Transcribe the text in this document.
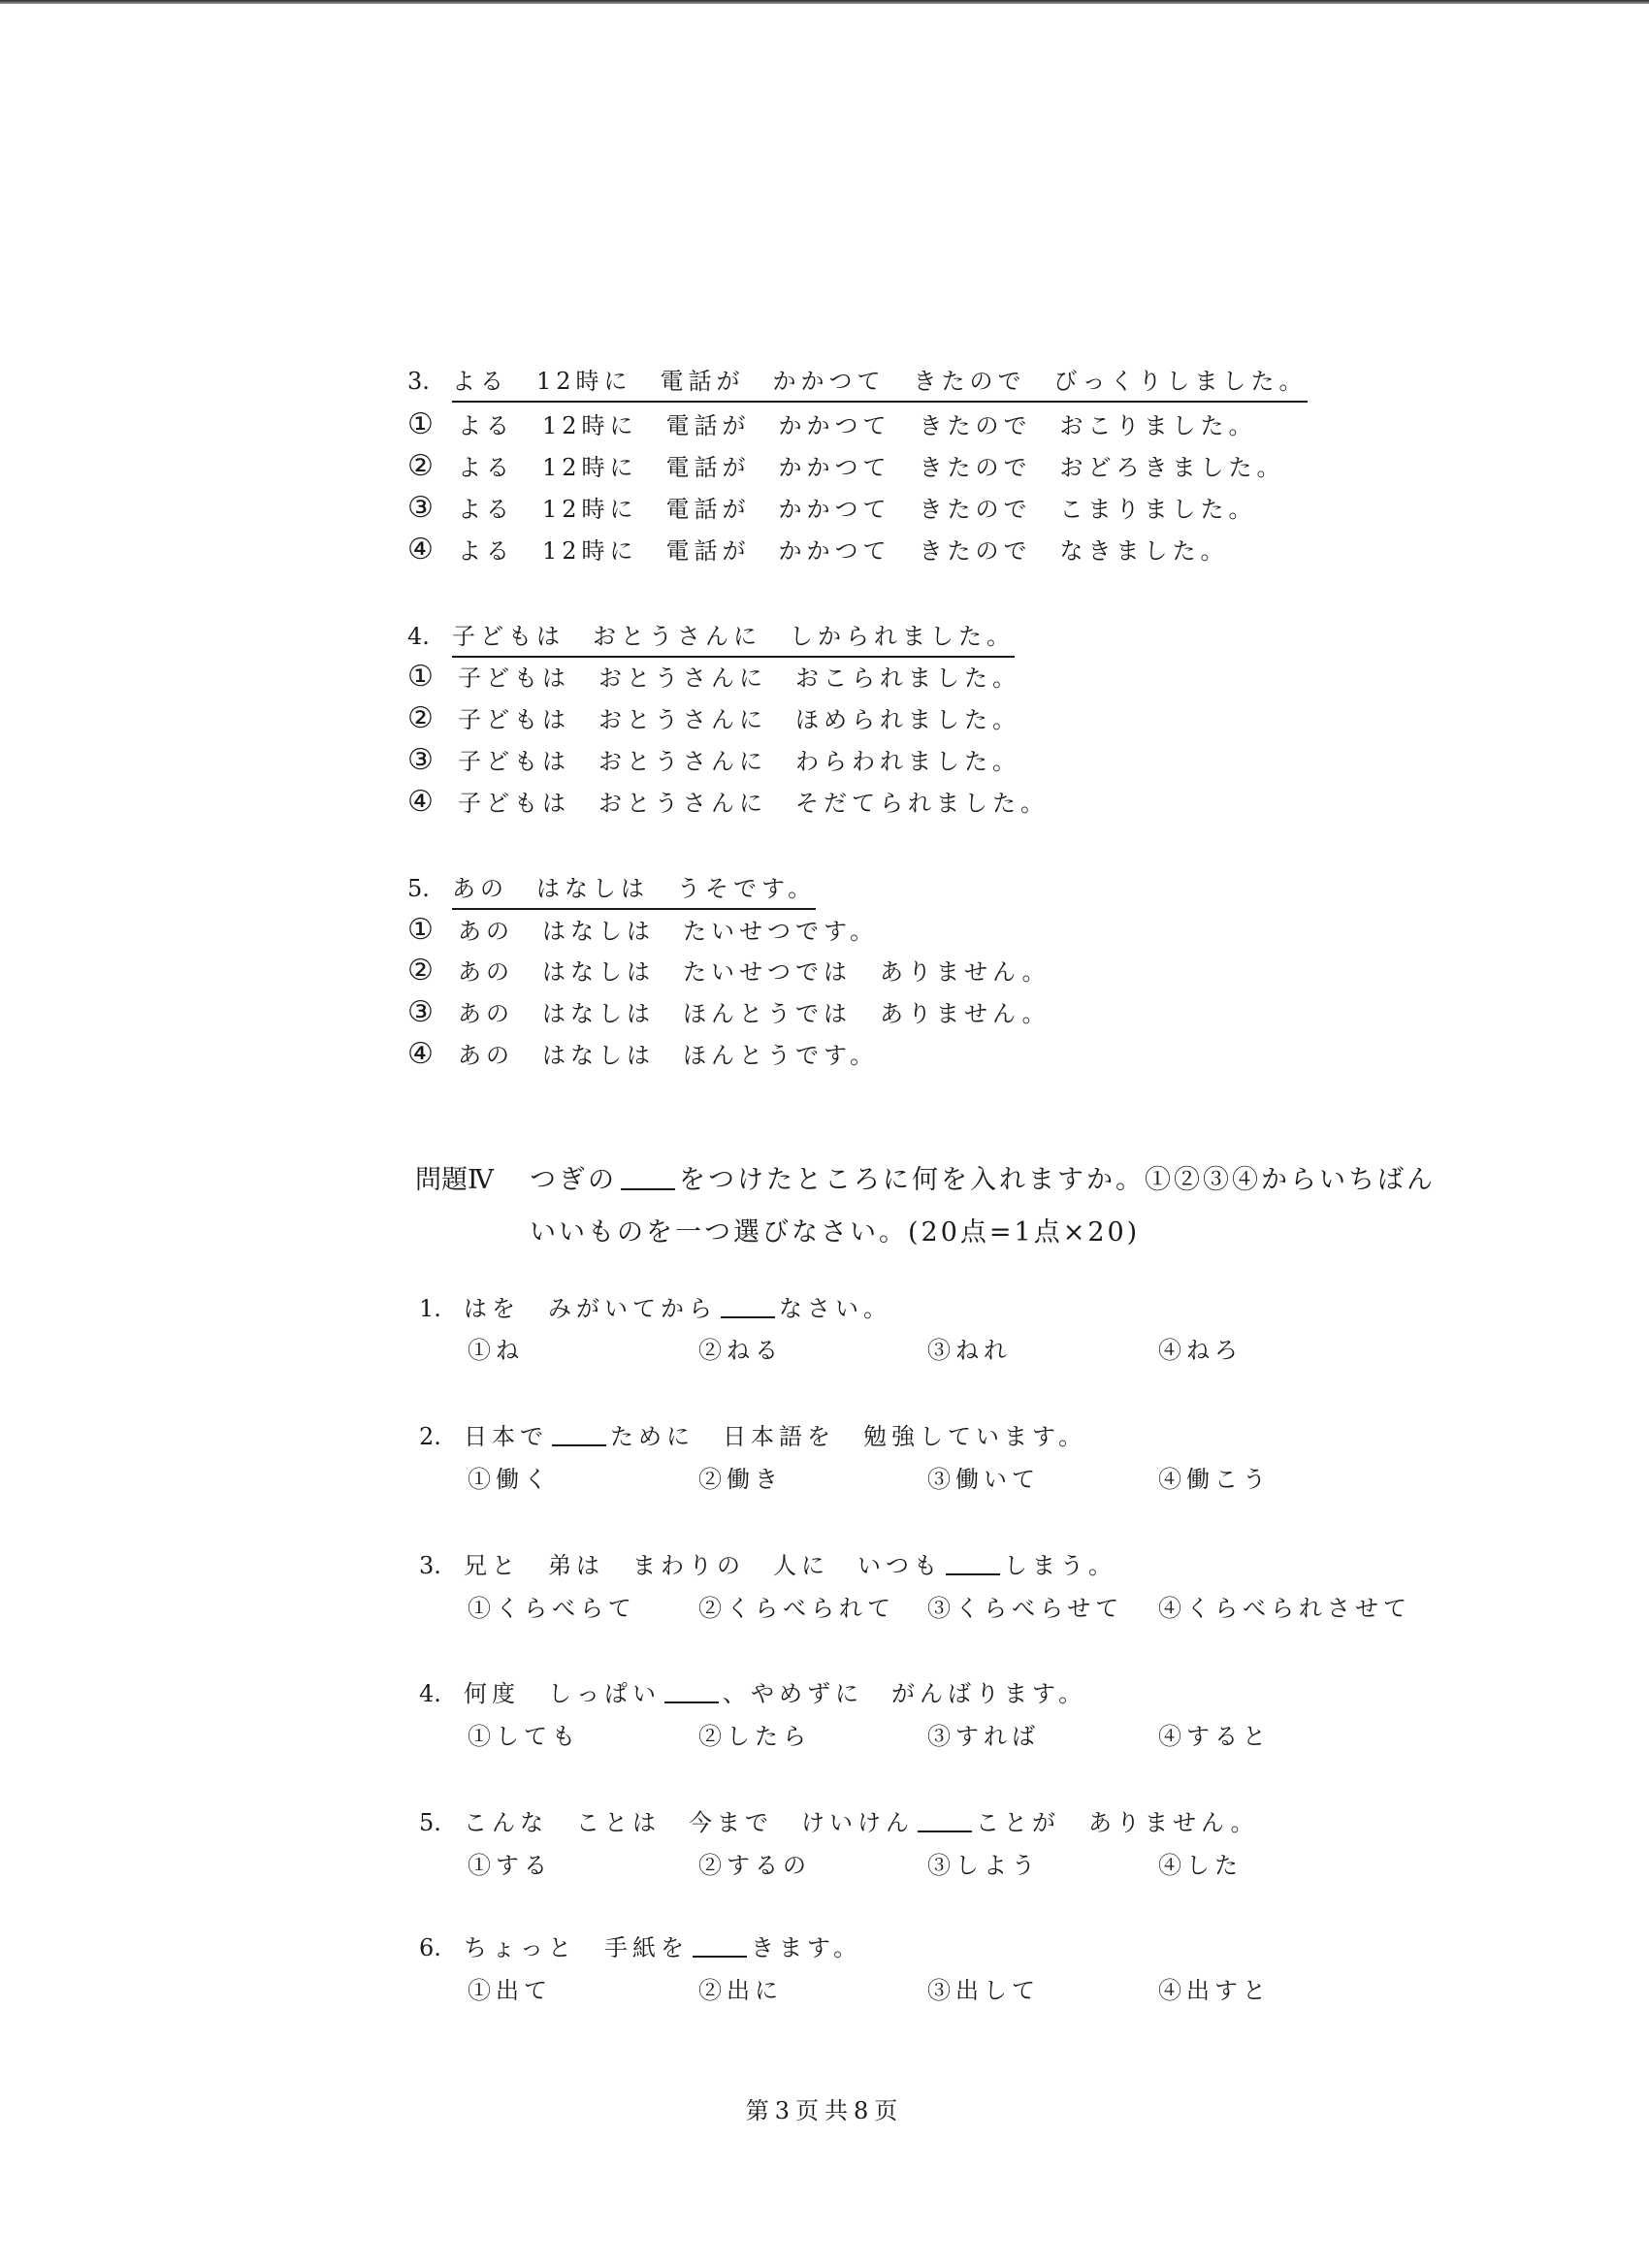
3. よる　12時に　電話が　かかつて　きたので　びっくりしました。
① よる　12時に　電話が　かかつて　きたので　おこりました。
② よる　12時に　電話が　かかつて　きたので　おどろきました。
③ よる　12時に　電話が　かかつて　きたので　こまりました。
④ よる　12時に　電話が　かかつて　きたので　なきました。
4. 子どもは　おとうさんに　しかられました。
① 子どもは　おとうさんに　おこられました。
② 子どもは　おとうさんに　ほめられました。
③ 子どもは　おとうさんに　わらわれました。
④ 子どもは　おとうさんに　そだてられました。
5. あの　はなしは　うそです。
① あの　はなしは　たいせつです。
② あの　はなしは　たいせつでは　ありません。
③ あの　はなしは　ほんとうでは　ありません。
④ あの　はなしは　ほんとうです。
問題Ⅳ つぎの をつけたところに何を入れますか。①②③④からいちばん
いいものを一つ選びなさい。(20点=1点×20)
1. はを　みがいてから	なさい。
①ね	②ねる	③ねれ	④ねろ
2. 日本で	ために　日本語を　勉強しています。
①働く	②働き	③働いて	④働こう
3. 兄と　弟は　まわりの　人に　いつも	しまう。
①くらべらて	②くらべられて ③くらべらせて ④くらべられさせて
4. 何度　しっぱい	、やめずに　がんばります。
①しても	②したら	③すれば	④すると
5. こんな　ことは　今まで　けいけん	ことが　ありません。
①する	②するの	③しよう	④した
6. ちょっと　手紙を	きます。
①出て	②出に	③出して	④出すと
第3页共8页
